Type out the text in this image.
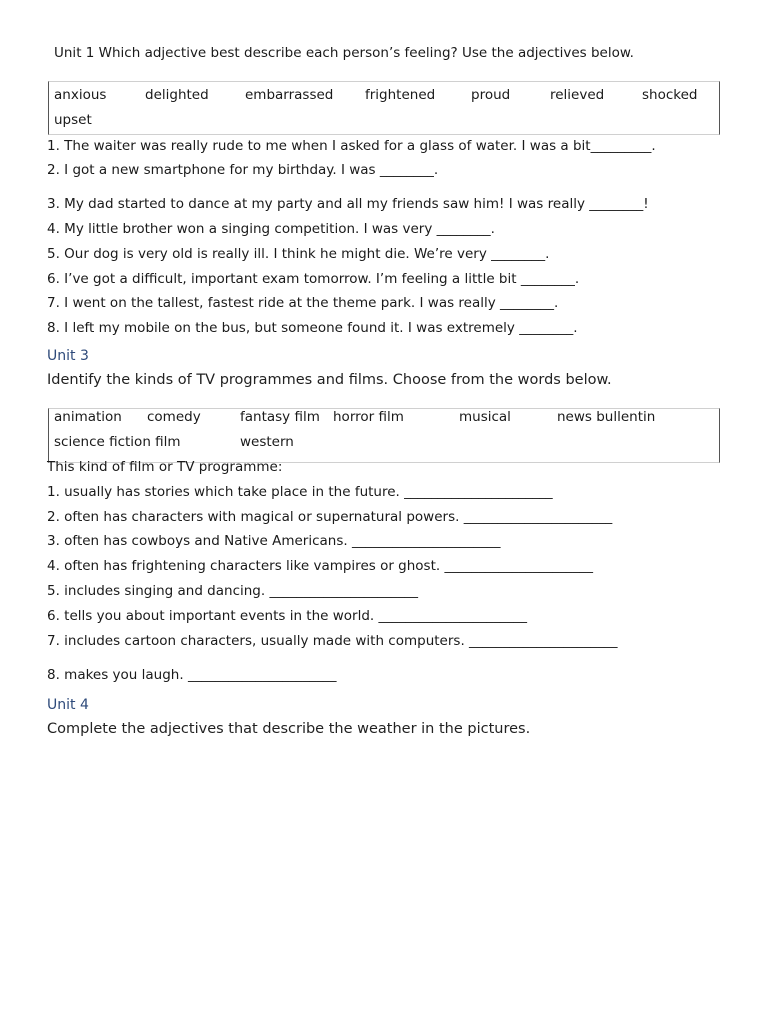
Unit 1 Which adjective best describe each person’s feeling? Use the adjectives below.
anxious	delighted	embarrassed frightened	proud	relieved	shocked
upset
1. The waiter was really rude to me when I asked for a glass of water. I was a bit_________.
2. I got a new smartphone for my birthday. I was ________.
3. My dad started to dance at my party and all my friends saw him! I was really ________!
4. My little brother won a singing competition. I was very ________.
5. Our dog is very old is really ill. I think he might die. We’re very ________.
6. I’ve got a difficult, important exam tomorrow. I’m feeling a little bit ________.
7. I went on the tallest, fastest ride at the theme park. I was really ________.
8. I left my mobile on the bus, but someone found it. I was extremely ________.
Unit 3
Identify the kinds of TV programmes and films. Choose from the words below.
animation comedy	fantasy film horror film	musical	news bullentin
science fiction film	western
This kind of film or TV programme:
1. usually has stories which take place in the future. ______________________
2. often has characters with magical or supernatural powers. ______________________
3. often has cowboys and Native Americans. ______________________
4. often has frightening characters like vampires or ghost. ______________________
5. includes singing and dancing. ______________________
6. tells you about important events in the world. ______________________
7. includes cartoon characters, usually made with computers. ______________________
8. makes you laugh. ______________________
Unit 4
Complete the adjectives that describe the weather in the pictures.
